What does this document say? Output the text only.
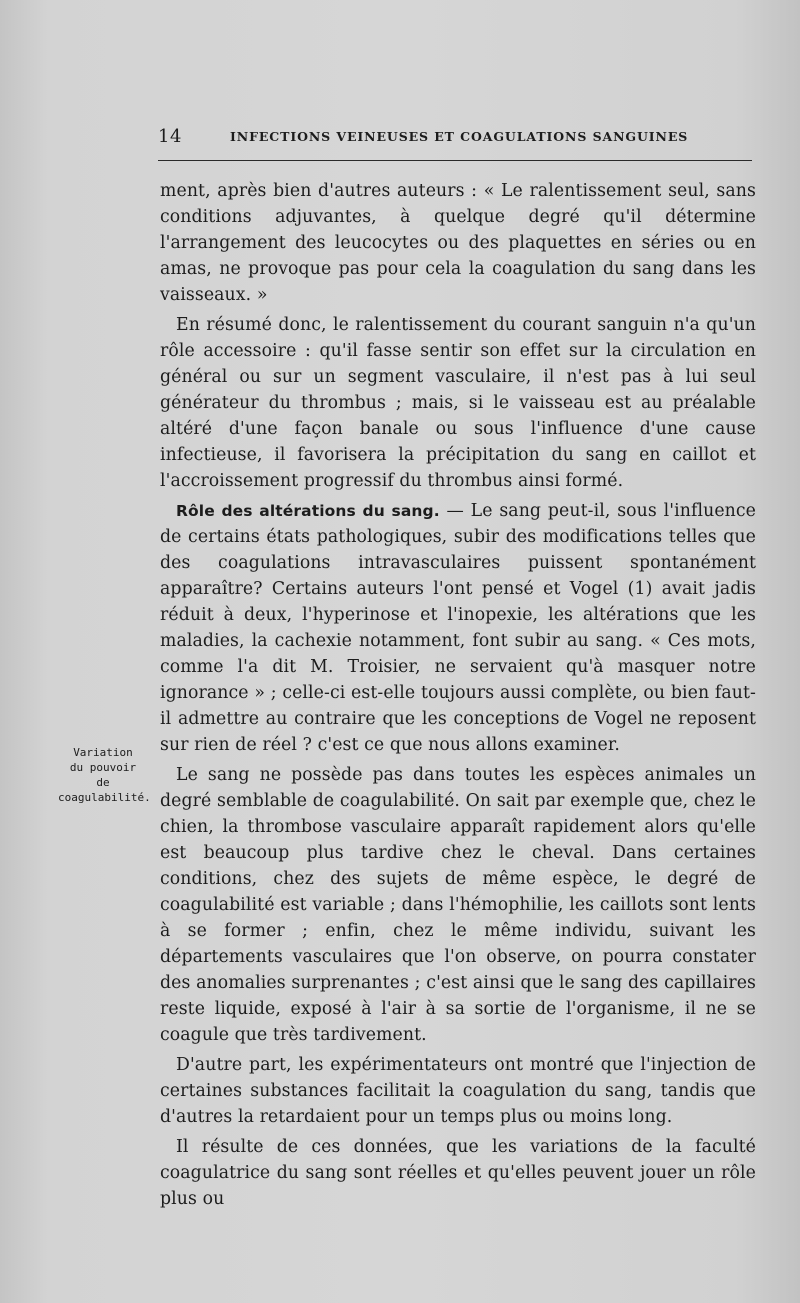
14	INFECTIONS VEINEUSES ET COAGULATIONS SANGUINES
Variation
du pouvoir
de
coagulabilité.

ment, après bien d'autres auteurs : « Le ralentissement seul, sans conditions adjuvantes, à quelque degré qu'il détermine l'arrangement des leucocytes ou des plaquettes en séries ou en amas, ne provoque pas pour cela la coagulation du sang dans les vaisseaux. »

En résumé donc, le ralentissement du courant sanguin n'a qu'un rôle accessoire : qu'il fasse sentir son effet sur la circulation en général ou sur un segment vasculaire, il n'est pas à lui seul générateur du thrombus ; mais, si le vaisseau est au préalable altéré d'une façon banale ou sous l'influence d'une cause infectieuse, il favorisera la précipitation du sang en caillot et l'accroissement progressif du thrombus ainsi formé.

Rôle des altérations du sang. — Le sang peut-il, sous l'influence de certains états pathologiques, subir des modifications telles que des coagulations intravasculaires puissent spontanément apparaître? Certains auteurs l'ont pensé et Vogel (1) avait jadis réduit à deux, l'hyperinose et l'inopexie, les altérations que les maladies, la cachexie notamment, font subir au sang. « Ces mots, comme l'a dit M. Troisier, ne servaient qu'à masquer notre ignorance » ; celle-ci est-elle toujours aussi complète, ou bien faut-il admettre au contraire que les conceptions de Vogel ne reposent sur rien de réel ? c'est ce que nous allons examiner.

Le sang ne possède pas dans toutes les espèces animales un degré semblable de coagulabilité. On sait par exemple que, chez le chien, la thrombose vasculaire apparaît rapidement alors qu'elle est beaucoup plus tardive chez le cheval. Dans certaines conditions, chez des sujets de même espèce, le degré de coagulabilité est variable ; dans l'hémophilie, les caillots sont lents à se former ; enfin, chez le même individu, suivant les départements vasculaires que l'on observe, on pourra constater des anomalies surprenantes ; c'est ainsi que le sang des capillaires reste liquide, exposé à l'air à sa sortie de l'organisme, il ne se coagule que très tardivement.

D'autre part, les expérimentateurs ont montré que l'injection de certaines substances facilitait la coagulation du sang, tandis que d'autres la retardaient pour un temps plus ou moins long.

Il résulte de ces données, que les variations de la faculté coagulatrice du sang sont réelles et qu'elles peuvent jouer un rôle plus ou
